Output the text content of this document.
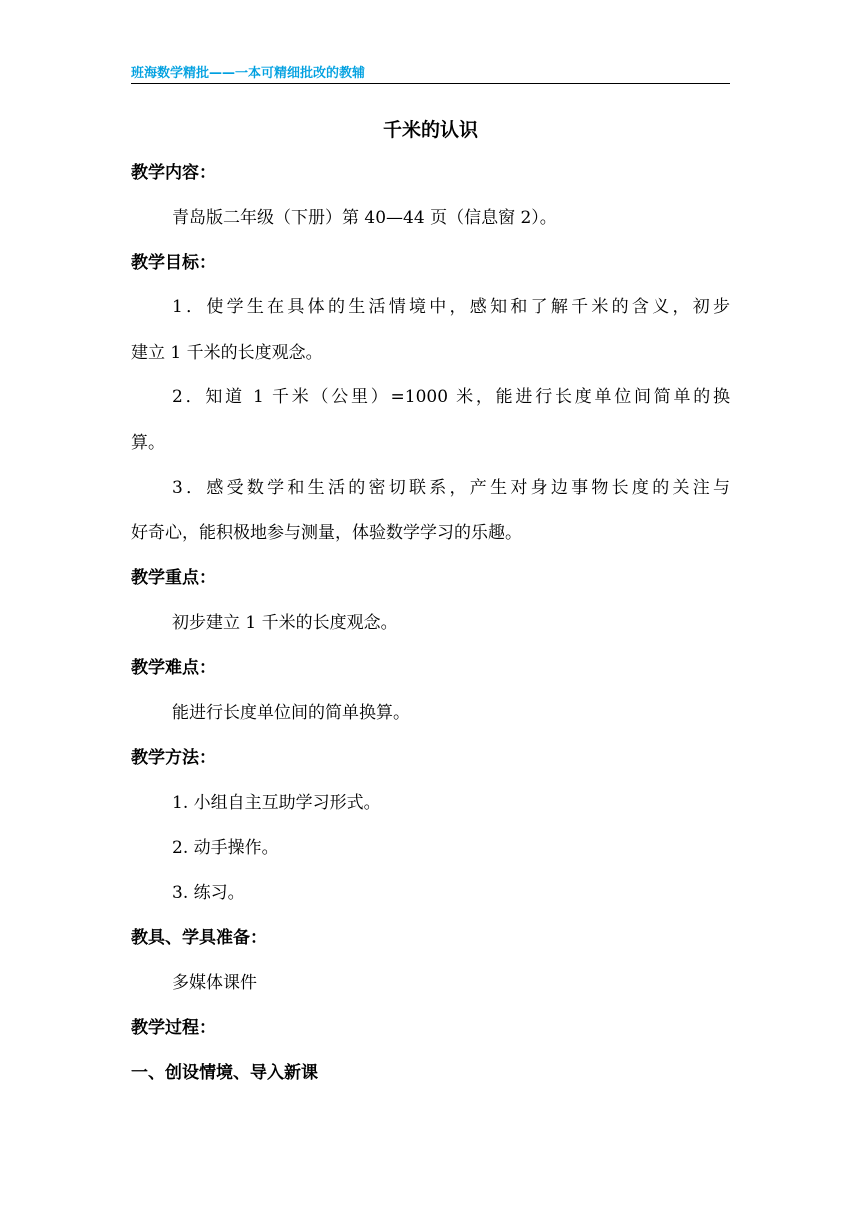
班海数学精批——一本可精细批改的教辅
千米的认识
教学内容：
青岛版二年级（下册）第 40—44 页（信息窗 2）。
教学目标：
1．使学生在具体的生活情境中，感知和了解千米的含义，初步
建立 1 千米的长度观念。
2．知道 1 千米（公里）=1000 米，能进行长度单位间简单的换
算。
3．感受数学和生活的密切联系，产生对身边事物长度的关注与
好奇心，能积极地参与测量，体验数学学习的乐趣。
教学重点：
初步建立 1 千米的长度观念。
教学难点：
能进行长度单位间的简单换算。
教学方法：
1. 小组自主互助学习形式。
2. 动手操作。
3. 练习。
教具、学具准备：
多媒体课件
教学过程：
一、创设情境、导入新课
